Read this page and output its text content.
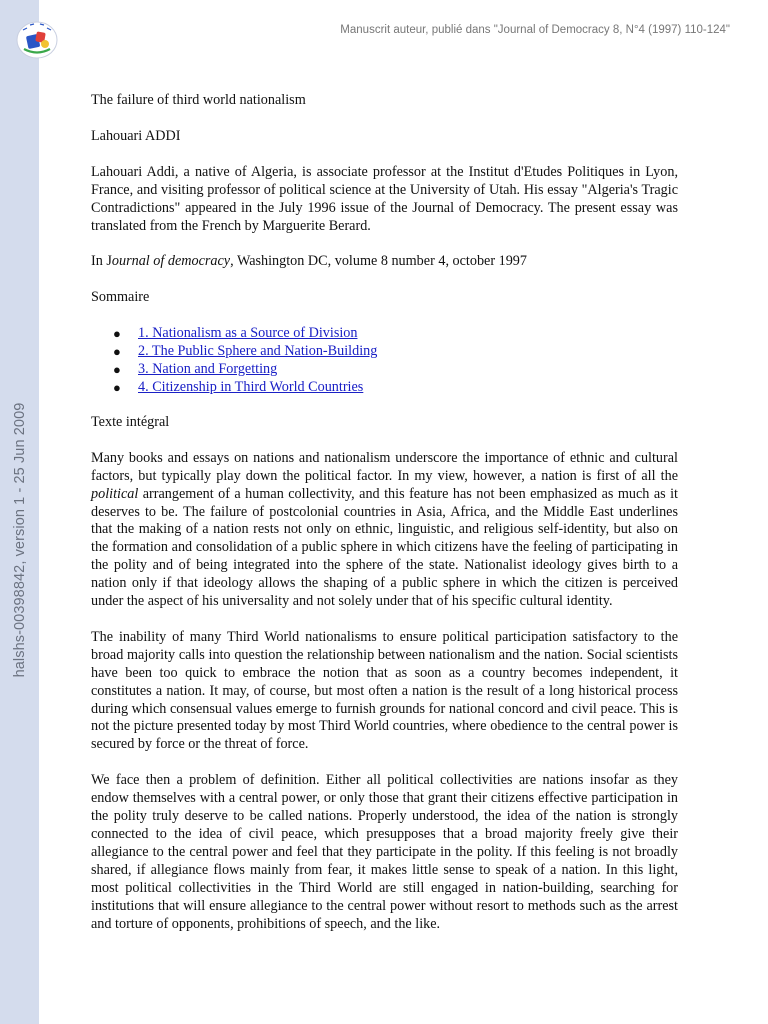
halshs-00398842, version 1 - 25 Jun 2009
Manuscrit auteur, publié dans "Journal of Democracy 8, N°4 (1997) 110-124"

The failure of third world nationalism

Lahouari ADDI

Lahouari Addi, a native of Algeria, is associate professor at the Institut d'Etudes Politiques in Lyon, France, and visiting professor of political science at the University of Utah. His essay "Algeria's Tragic Contradictions" appeared in the July 1996 issue of the Journal of Democracy. The present essay was translated from the French by Marguerite Berard.

In Journal of democracy, Washington DC, volume 8 number 4, october 1997

Sommaire

● 1. Nationalism as a Source of Division
● 2. The Public Sphere and Nation-Building
● 3. Nation and Forgetting
● 4. Citizenship in Third World Countries

Texte intégral

Many books and essays on nations and nationalism underscore the importance of ethnic and cultural factors, but typically play down the political factor. In my view, however, a nation is first of all the political arrangement of a human collectivity, and this feature has not been emphasized as much as it deserves to be. The failure of postcolonial countries in Asia, Africa, and the Middle East underlines that the making of a nation rests not only on ethnic, linguistic, and religious self-identity, but also on the formation and consolidation of a public sphere in which citizens have the feeling of participating in the polity and of being integrated into the sphere of the state. Nationalist ideology gives birth to a nation only if that ideology allows the shaping of a public sphere in which the citizen is perceived under the aspect of his universality and not solely under that of his specific cultural identity.

The inability of many Third World nationalisms to ensure political participation satisfactory to the broad majority calls into question the relationship between nationalism and the nation. Social scientists have been too quick to embrace the notion that as soon as a country becomes independent, it constitutes a nation. It may, of course, but most often a nation is the result of a long historical process during which consensual values emerge to furnish grounds for national concord and civil peace. This is not the picture presented today by most Third World countries, where obedience to the central power is secured by force or the threat of force.

We face then a problem of definition. Either all political collectivities are nations insofar as they endow themselves with a central power, or only those that grant their citizens effective participation in the polity truly deserve to be called nations. Properly understood, the idea of the nation is strongly connected to the idea of civil peace, which presupposes that a broad majority freely give their allegiance to the central power and feel that they participate in the polity. If this feeling is not broadly shared, if allegiance flows mainly from fear, it makes little sense to speak of a nation. In this light, most political collectivities in the Third World are still engaged in nation-building, searching for institutions that will ensure allegiance to the central power without resort to methods such as the arrest and torture of opponents, prohibitions of speech, and the like.
